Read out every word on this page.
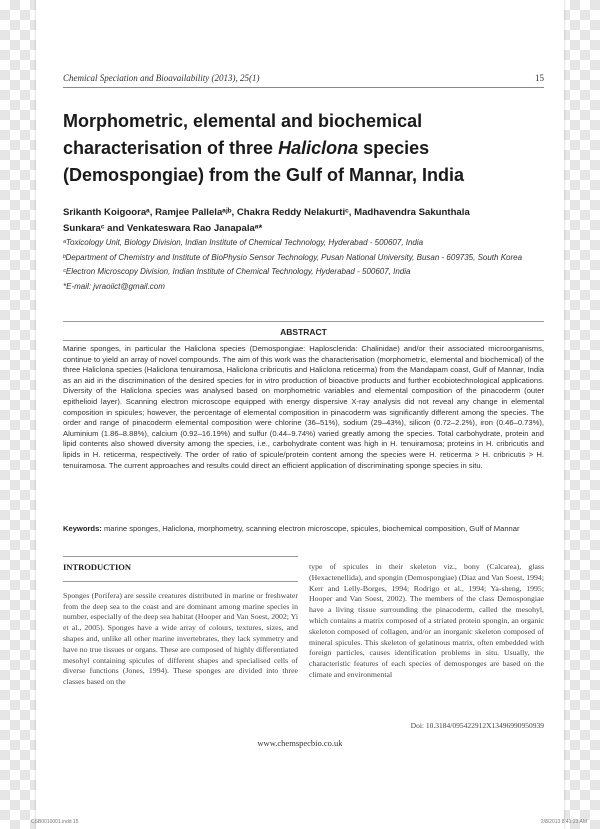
Chemical Speciation and Bioavailability (2013), 25(1)	15
Morphometric, elemental and biochemical characterisation of three Haliclona species (Demospongiae) from the Gulf of Mannar, India
Srikanth Koigooraᵃ, Ramjee Pallelaᵃʲᵇ, Chakra Reddy Nelakurtiᶜ, Madhavendra Sakunthala
Sunkaraᶜ and Venkateswara Rao Janapalaᵃ*

ᵃToxicology Unit, Biology Division, Indian Institute of Chemical Technology, Hyderabad - 500607, India

ᵇDepartment of Chemistry and Institute of BioPhysio Sensor Technology, Pusan National University, Busan - 609735, South Korea

ᶜElectron Microscopy Division, Indian Institute of Chemical Technology, Hyderabad - 500607, India

*E-mail: jvraoiict@gmail.com

ABSTRACT
Marine sponges, in particular the Haliclona species (Demospongiae: Haplosclerida: Chalinidae) and/or their associated microorganisms, continue to yield an array of novel compounds. The aim of this work was the characterisation (morphometric, elemental and biochemical) of the three Haliclona species (Haliclona tenuiramosa, Haliclona cribricutis and Haliclona reticerma) from the Mandapam coast, Gulf of Mannar, India as an aid in the discrimination of the desired species for in vitro production of bioactive products and further ecobiotechnological applications. Diversity of the Haliclona species was analysed based on morphometric variables and elemental composition of the pinacoderm (outer epithelioid layer). Scanning electron microscope equipped with energy dispersive X-ray analysis did not reveal any change in elemental composition in spicules; however, the percentage of elemental composition in pinacoderm was significantly different among the species. The order and range of pinacoderm elemental composition were chlorine (36–51%), sodium (29–43%), silicon (0.72–2.2%), iron (0.46–0.73%), Aluminium (1.86–8.88%), calcium (0.92–16.19%) and sulfur (0.44–9.74%) varied greatly among the species. Total carbohydrate, protein and lipid contents also showed diversity among the species, i.e., carbohydrate content was high in H. tenuiramosa; proteins in H. cribricutis and lipids in H. reticerma, respectively. The order of ratio of spicule/protein content among the species were H. reticerma > H. cribricutis > H. tenuiramosa. The current approaches and results could direct an efficient application of discriminating sponge species in situ.
Keywords: marine sponges, Haliclona, morphometry, scanning electron microscope, spicules, biochemical composition, Gulf of Mannar
INTRODUCTION

Sponges (Porifera) are sessile creatures distributed in marine or freshwater from the deep sea to the coast and are dominant among marine species in number, especially of the deep sea habitat (Hooper and Van Soest, 2002; Yi et al., 2005). Sponges have a wide array of colours, textures, sizes, and shapes and, unlike all other marine invertebrates, they lack symmetry and have no true tissues or organs. These are composed of highly differentiated mesohyl containing spicules of different shapes and specialised cells of diverse functions (Jones, 1994). These sponges are divided into three classes based on the

type of spicules in their skeleton viz., bony (Calcarea), glass (Hexactenellida), and spongin (Demospongiae) (Diaz and Van Soest, 1994; Kerr and Lelly-Borges, 1994; Rodrigo et al., 1994; Ya-sheng, 1995; Hooper and Van Soest, 2002). The members of the class Demospongiae have a living tissue surrounding the pinacoderm, called the mesohyl, which contains a matrix composed of a striated protein spongin, an organic skeleton composed of collagen, and/or an inorganic skeleton composed of mineral spicules. This skeleton of gelatinous matrix, often embedded with foreign particles, causes identification problems in situ. Usually, the characteristic features of each species of demosponges are based on the climate and environmental

Doi: 10.3184/095422912X13496990950939
www.chemspecbio.co.uk
CSB0010001.indd 15	2/8/2013 8:41:23 AM
